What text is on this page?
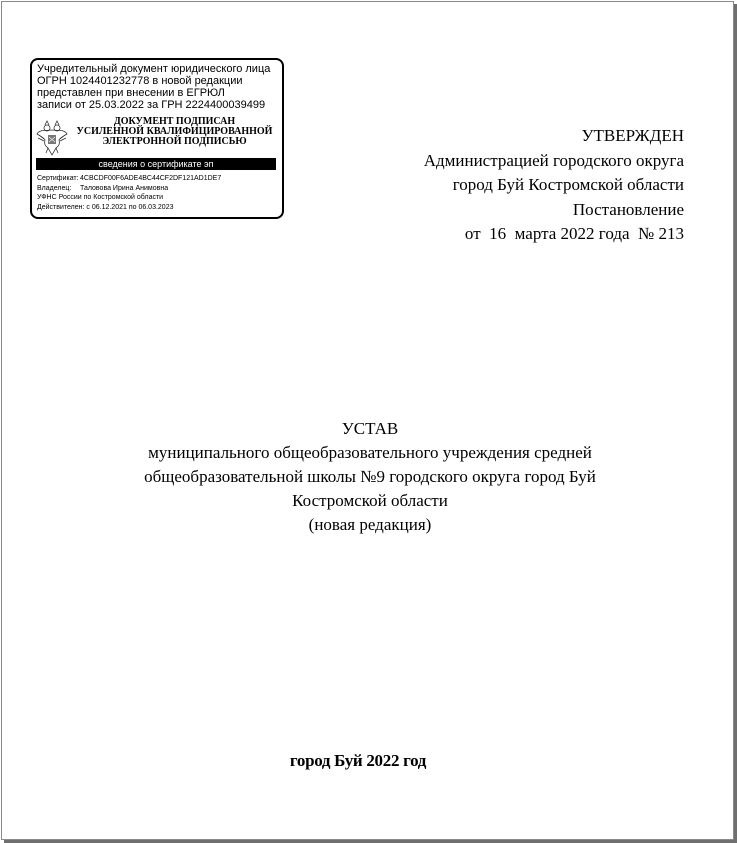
Учредительный документ юридического лица
ОГРН 1024401232778 в новой редакции
представлен при внесении в ЕГРЮЛ
записи от 25.03.2022 за ГРН 2224400039499
ДОКУМЕНТ ПОДПИСАН
УСИЛЕННОЙ КВАЛИФИЦИРОВАННОЙ
ЭЛЕКТРОННОЙ ПОДПИСЬЮ
сведения о сертификате эп
Сертификат: 4CBCDF00F6ADE4BC44CF2DF121AD1DE7
Владелец:	Таловова Ирина Анимовна
УФНС России по Костромской области
Действителен: с 06.12.2021 по 06.03.2023
УТВЕРЖДЕН
Администрацией городского округа
город Буй Костромской области
Постановление
от  16  марта 2022 года  № 213
УСТАВ
муниципального общеобразовательного учреждения средней
общеобразовательной школы №9 городского округа город Буй
Костромской области
(новая редакция)
город Буй 2022 год
